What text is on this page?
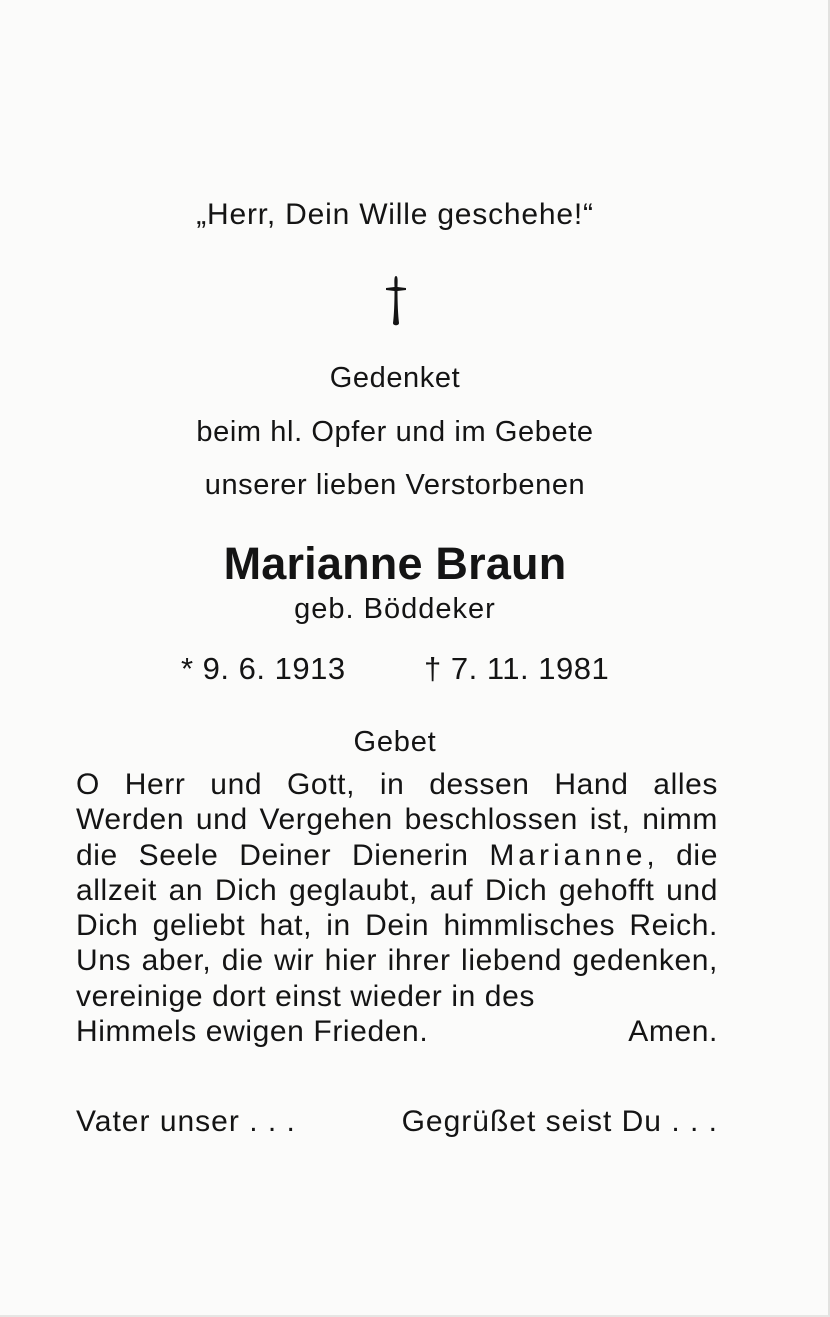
„Herr, Dein Wille geschehe!“
Gedenket
beim hl. Opfer und im Gebete
unserer lieben Verstorbenen
Marianne Braun
geb. Böddeker
* 9. 6. 1913	† 7. 11. 1981
Gebet
O Herr und Gott, in dessen Hand alles Werden und Vergehen beschlossen ist, nimm die Seele Deiner Dienerin Marianne, die allzeit an Dich geglaubt, auf Dich gehofft und Dich geliebt hat, in Dein himmlisches Reich. Uns aber, die wir hier ihrer liebend gedenken, vereinige dort einst wieder in des
Himmels ewigen Frieden.	Amen.
Vater unser . . .	Gegrüßet seist Du . . .
